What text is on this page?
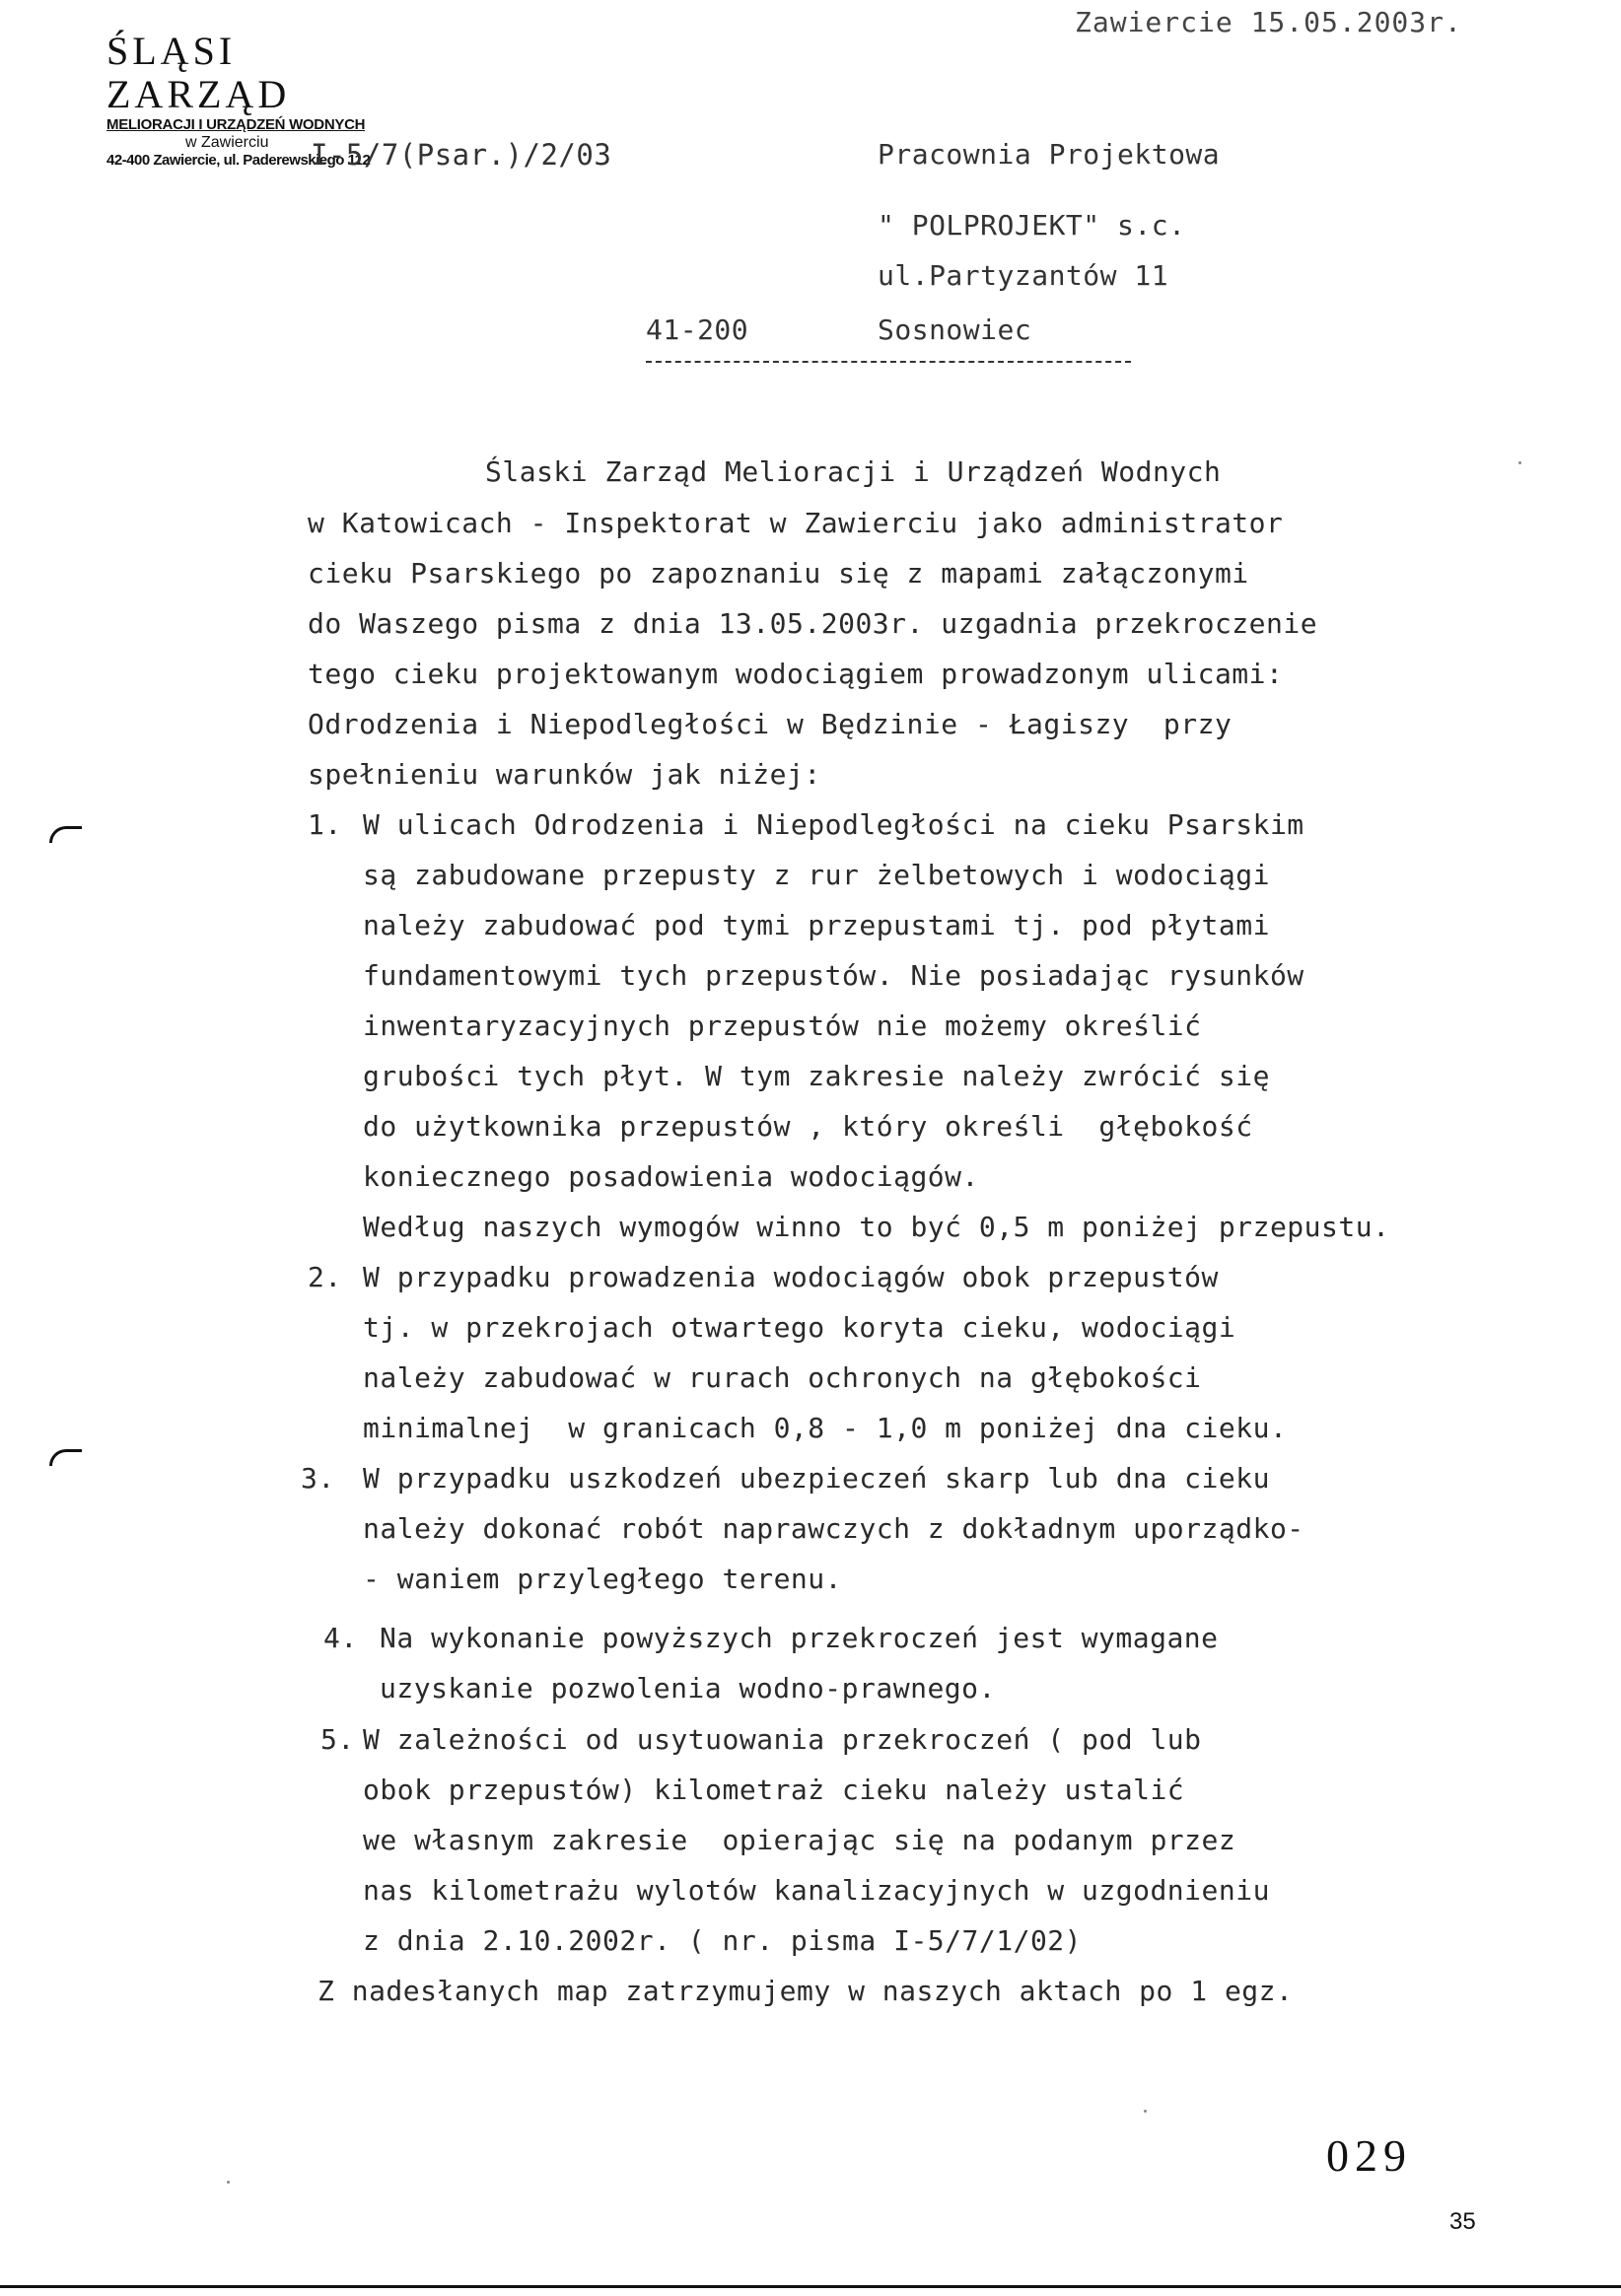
ŚLĄSI ZARZĄD
MELIORACJI I URZĄDZEŃ WODNYCH
w Zawierciu
42-400 Zawiercie, ul. Paderewskiego 112
Zawiercie 15.05.2003r.
I-5/7(Psar.)/2/03	Pracownia Projektowa
" POLPROJEKT" s.c.
ul.Partyzantów 11
41-200	Sosnowiec
Ślaski Zarząd Melioracji i Urządzeń Wodnych
w Katowicach - Inspektorat w Zawierciu jako administrator
cieku Psarskiego po zapoznaniu się z mapami załączonymi
do Waszego pisma z dnia 13.05.2003r. uzgadnia przekroczenie
tego cieku projektowanym wodociągiem prowadzonym ulicami:
Odrodzenia i Niepodległości w Będzinie - Łagiszy  przy
spełnieniu warunków jak niżej:
1. W ulicach Odrodzenia i Niepodległości na cieku Psarskim
są zabudowane przepusty z rur żelbetowych i wodociągi
należy zabudować pod tymi przepustami tj. pod płytami
fundamentowymi tych przepustów. Nie posiadając rysunków
inwentaryzacyjnych przepustów nie możemy określić
grubości tych płyt. W tym zakresie należy zwrócić się
do użytkownika przepustów , który określi  głębokość
koniecznego posadowienia wodociągów.
Według naszych wymogów winno to być 0,5 m poniżej przepustu.
2. W przypadku prowadzenia wodociągów obok przepustów
tj. w przekrojach otwartego koryta cieku, wodociągi
należy zabudować w rurach ochronych na głębokości
minimalnej  w granicach 0,8 - 1,0 m poniżej dna cieku.
3. W przypadku uszkodzeń ubezpieczeń skarp lub dna cieku
należy dokonać robót naprawczych z dokładnym uporządko-
- waniem przyległego terenu.
4. Na wykonanie powyższych przekroczeń jest wymagane
uzyskanie pozwolenia wodno-prawnego.
5. W zależności od usytuowania przekroczeń ( pod lub
obok przepustów) kilometraż cieku należy ustalić
we własnym zakresie  opierając się na podanym przez
nas kilometrażu wylotów kanalizacyjnych w uzgodnieniu
z dnia 2.10.2002r. ( nr. pisma I-5/7/1/02)
Z nadesłanych map zatrzymujemy w naszych aktach po 1 egz.
029
35
